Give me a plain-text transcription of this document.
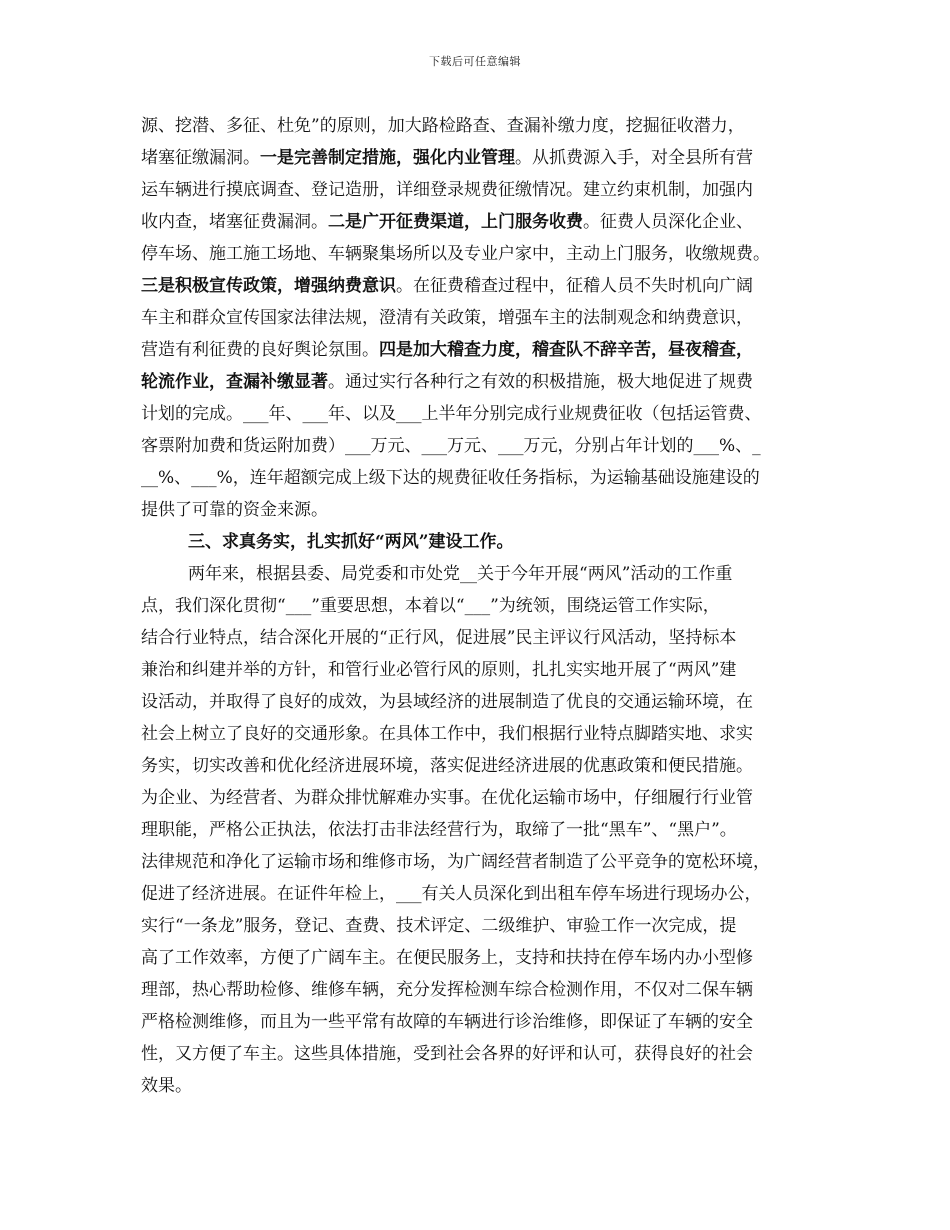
下载后可任意编辑

源、挖潜、多征、杜免”的原则，加大路检路查、查漏补缴力度，挖掘征收潜力，
堵塞征缴漏洞。一是完善制定措施，强化内业管理。从抓费源入手，对全县所有营
运车辆进行摸底调查、登记造册，详细登录规费征缴情况。建立约束机制，加强内
收内查，堵塞征费漏洞。二是广开征费渠道，上门服务收费。征费人员深化企业、
停车场、施工施工场地、车辆聚集场所以及专业户家中，主动上门服务，收缴规费。
三是积极宣传政策，增强纳费意识。在征费稽查过程中，征稽人员不失时机向广阔
车主和群众宣传国家法律法规，澄清有关政策，增强车主的法制观念和纳费意识，
营造有利征费的良好舆论氛围。四是加大稽查力度，稽查队不辞辛苦，昼夜稽查，
轮流作业，查漏补缴显著。通过实行各种行之有效的积极措施，极大地促进了规费
计划的完成。___年、___年、以及___上半年分别完成行业规费征收（包括运管费、
客票附加费和货运附加费）___万元、___万元、___万元，分别占年计划的___%、_
__%、___%，连年超额完成上级下达的规费征收任务指标，为运输基础设施建设的
提供了可靠的资金来源。

三、求真务实，扎实抓好“两风”建设工作。

两年来，根据县委、局党委和市处党__关于今年开展“两风”活动的工作重
点，我们深化贯彻“___”重要思想，本着以“___”为统领，围绕运管工作实际，
结合行业特点，结合深化开展的“正行风，促进展”民主评议行风活动，坚持标本
兼治和纠建并举的方针，和管行业必管行风的原则，扎扎实实地开展了“两风”建
设活动，并取得了良好的成效，为县域经济的进展制造了优良的交通运输环境，在
社会上树立了良好的交通形象。在具体工作中，我们根据行业特点脚踏实地、求实
务实，切实改善和优化经济进展环境，落实促进经济进展的优惠政策和便民措施。
为企业、为经营者、为群众排忧解难办实事。在优化运输市场中，仔细履行行业管
理职能，严格公正执法，依法打击非法经营行为，取缔了一批“黑车”、“黑户”。
法律规范和净化了运输市场和维修市场，为广阔经营者制造了公平竞争的宽松环境，
促进了经济进展。在证件年检上，___有关人员深化到出租车停车场进行现场办公，
实行“一条龙”服务，登记、查费、技术评定、二级维护、审验工作一次完成，提
高了工作效率，方便了广阔车主。在便民服务上，支持和扶持在停车场内办小型修
理部，热心帮助检修、维修车辆，充分发挥检测车综合检测作用，不仅对二保车辆
严格检测维修，而且为一些平常有故障的车辆进行诊治维修，即保证了车辆的安全
性，又方便了车主。这些具体措施，受到社会各界的好评和认可，获得良好的社会
效果。
